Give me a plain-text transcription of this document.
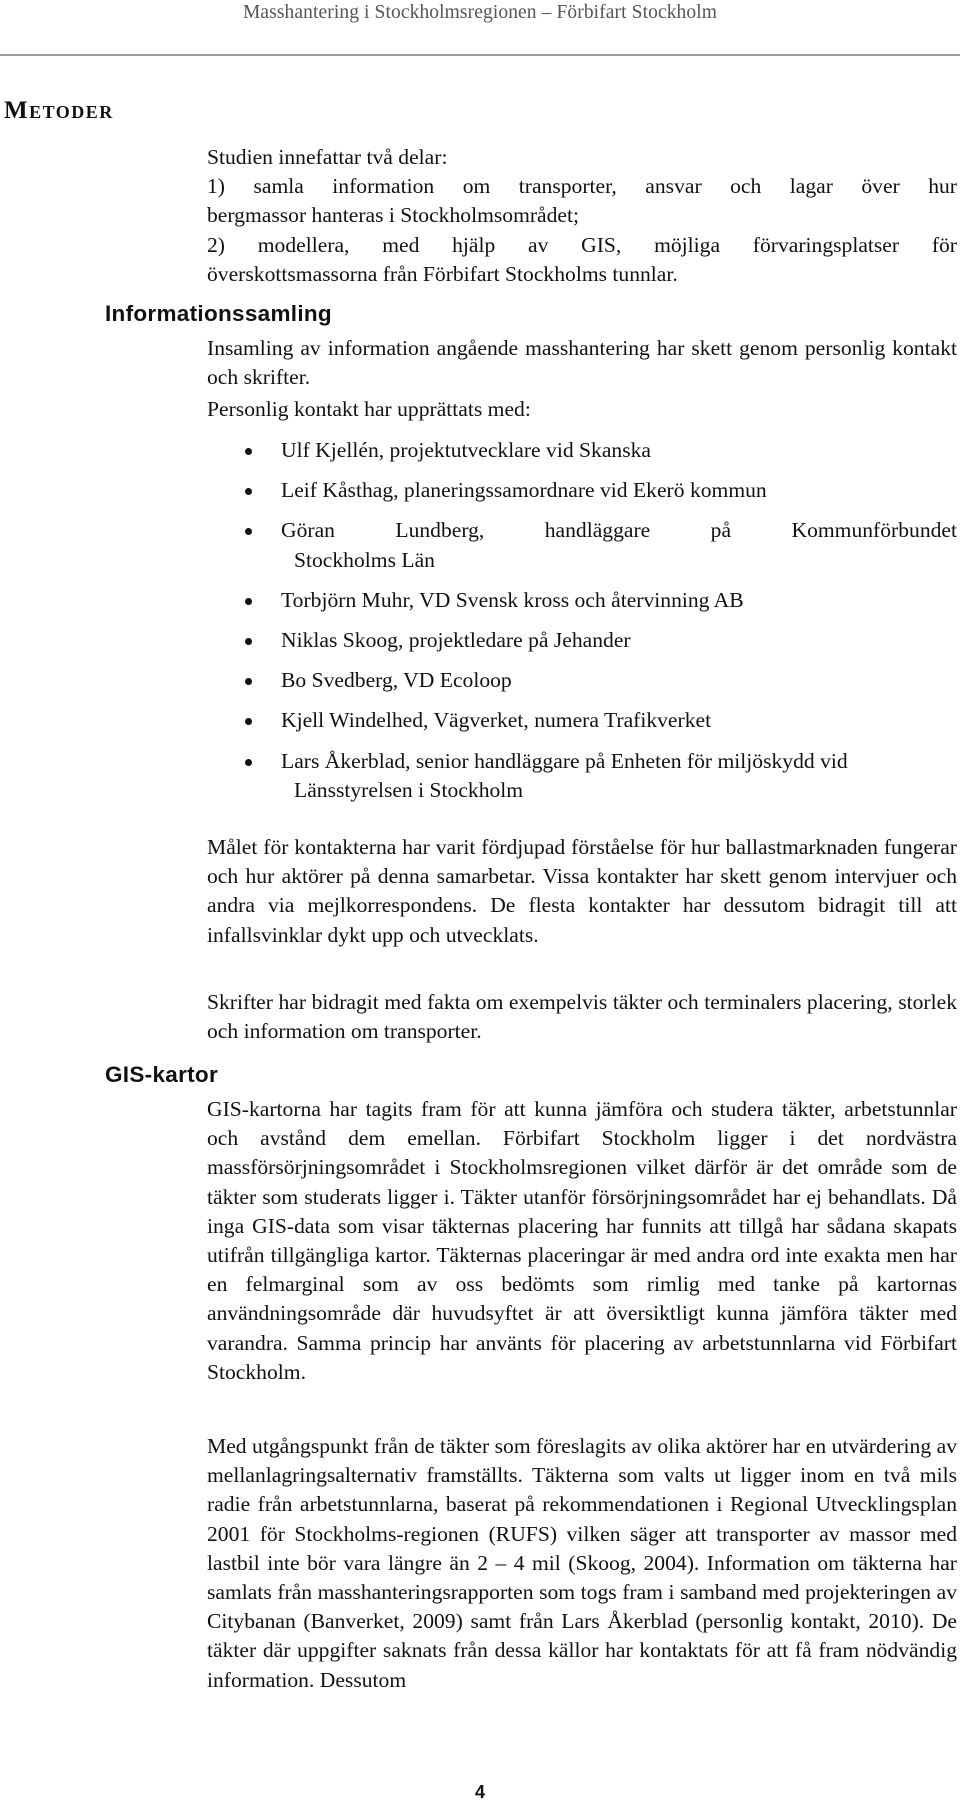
Masshantering i Stockholmsregionen – Förbifart Stockholm
Metoder
Studien innefattar två delar:
1) samla information om transporter, ansvar och lagar över hur
bergmassor hanteras i Stockholmsområdet;
2) modellera, med hjälp av GIS, möjliga förvaringsplatser för
överskottsmassorna från Förbifart Stockholms tunnlar.
Informationssamling

Insamling av information angående masshantering har skett genom personlig kontakt och skrifter.

Personlig kontakt har upprättats med:

Ulf Kjellén, projektutvecklare vid Skanska
Leif Kåsthag, planeringssamordnare vid Ekerö kommun
Göran Lundberg, handläggare på Kommunförbundet
Stockholms Län
Torbjörn Muhr, VD Svensk kross och återvinning AB
Niklas Skoog, projektledare på Jehander
Bo Svedberg, VD Ecoloop
Kjell Windelhed, Vägverket, numera Trafikverket
Lars Åkerblad, senior handläggare på Enheten för miljöskydd vid
Länsstyrelsen i Stockholm

Målet för kontakterna har varit fördjupad förståelse för hur ballastmarknaden fungerar och hur aktörer på denna samarbetar. Vissa kontakter har skett genom intervjuer och andra via mejlkorrespondens. De flesta kontakter har dessutom bidragit till att infallsvinklar dykt upp och utvecklats.

Skrifter har bidragit med fakta om exempelvis täkter och terminalers placering, storlek och information om transporter.

GIS-kartor

GIS-kartorna har tagits fram för att kunna jämföra och studera täkter, arbetstunnlar och avstånd dem emellan. Förbifart Stockholm ligger i det nordvästra massförsörjningsområdet i Stockholmsregionen vilket därför är det område som de täkter som studerats ligger i. Täkter utanför försörjningsområdet har ej behandlats. Då inga GIS-data som visar täkternas placering har funnits att tillgå har sådana skapats utifrån tillgängliga kartor. Täkternas placeringar är med andra ord inte exakta men har en felmarginal som av oss bedömts som rimlig med tanke på kartornas användningsområde där huvudsyftet är att översiktligt kunna jämföra täkter med varandra. Samma princip har använts för placering av arbetstunnlarna vid Förbifart Stockholm.

Med utgångspunkt från de täkter som föreslagits av olika aktörer har en utvärdering av mellanlagringsalternativ framställts. Täkterna som valts ut ligger inom en två mils radie från arbetstunnlarna, baserat på rekommendationen i Regional Utvecklingsplan 2001 för Stockholms-regionen (RUFS) vilken säger att transporter av massor med lastbil inte bör vara längre än 2 – 4 mil (Skoog, 2004). Information om täkterna har samlats från masshanteringsrapporten som togs fram i samband med projekteringen av Citybanan (Banverket, 2009) samt från Lars Åkerblad (personlig kontakt, 2010). De täkter där uppgifter saknats från dessa källor har kontaktats för att få fram nödvändig information. Dessutom

4
